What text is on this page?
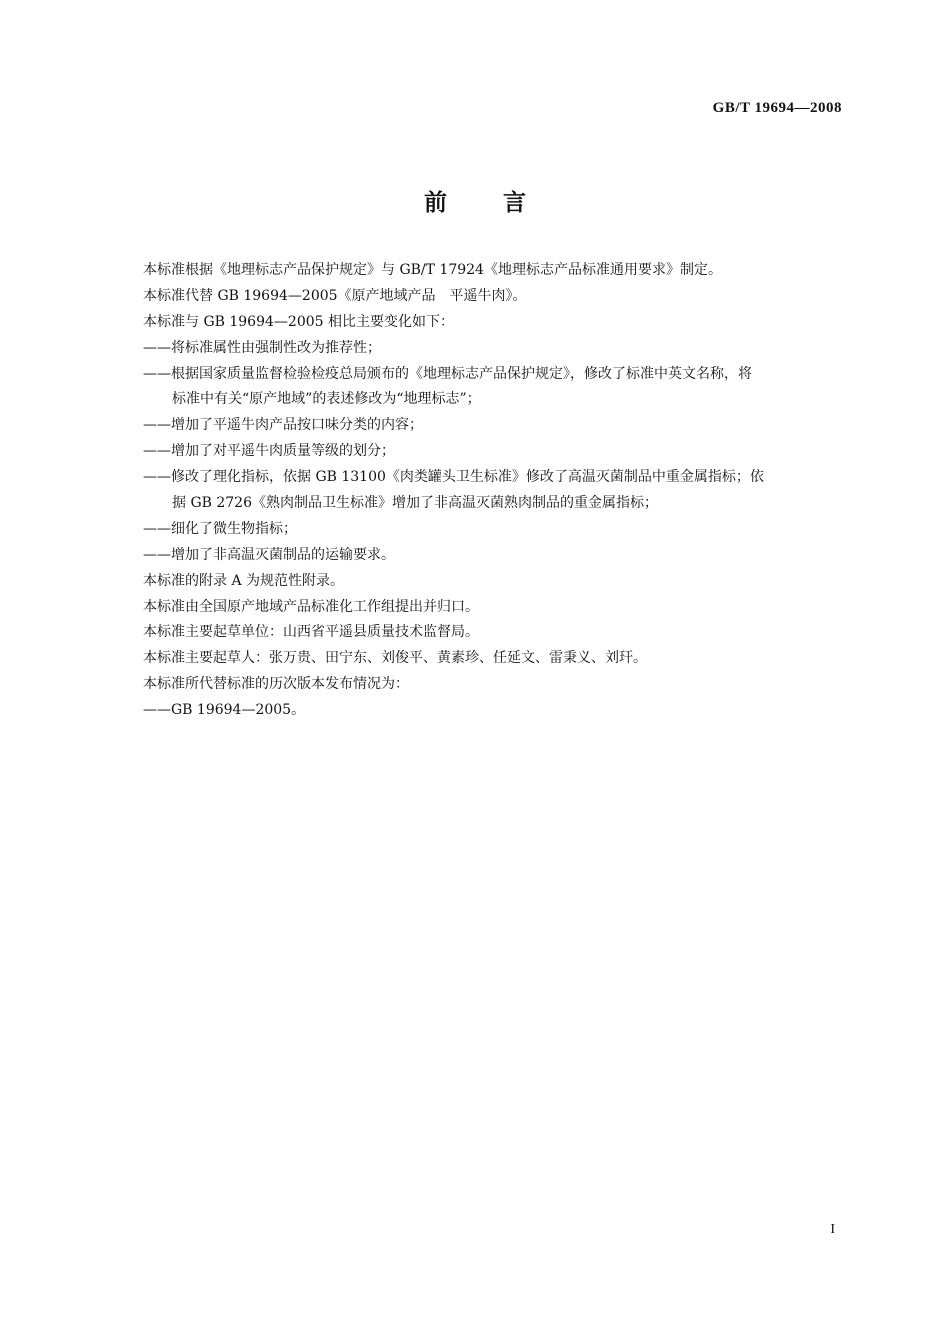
GB/T 19694—2008
前言
本标准根据《地理标志产品保护规定》与 GB/T 17924《地理标志产品标准通用要求》制定。
本标准代替 GB 19694—2005《原产地域产品　平遥牛肉》。
本标准与 GB 19694—2005 相比主要变化如下：
——将标准属性由强制性改为推荐性；
——根据国家质量监督检验检疫总局颁布的《地理标志产品保护规定》，修改了标准中英文名称，将
标准中有关“原产地域”的表述修改为“地理标志”；
——增加了平遥牛肉产品按口味分类的内容；
——增加了对平遥牛肉质量等级的划分；
——修改了理化指标，依据 GB 13100《肉类罐头卫生标准》修改了高温灭菌制品中重金属指标；依
据 GB 2726《熟肉制品卫生标准》增加了非高温灭菌熟肉制品的重金属指标；
——细化了微生物指标；
——增加了非高温灭菌制品的运输要求。
本标准的附录 A 为规范性附录。
本标准由全国原产地域产品标准化工作组提出并归口。
本标准主要起草单位：山西省平遥县质量技术监督局。
本标准主要起草人：张万贵、田宁东、刘俊平、黄素珍、任延文、雷秉义、刘玕。
本标准所代替标准的历次版本发布情况为：
——GB 19694—2005。
I
